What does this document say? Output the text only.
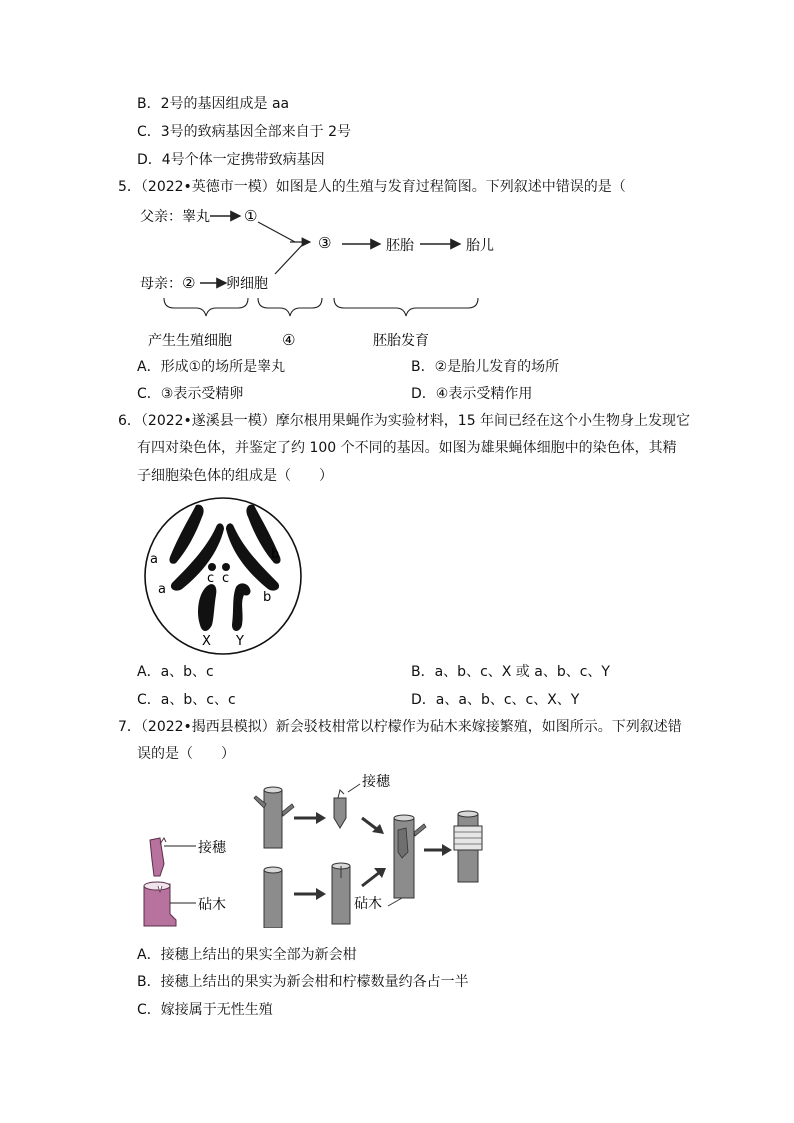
B．2号的基因组成是 aa
C．3号的致病基因全部来自于 2号
D．4号个体一定携带致病基因
5．（2022•英德市一模）如图是人的生殖与发育过程简图。下列叙述中错误的是（
父亲：睾丸 ①
母亲： ② 卵细胞
③	胚胎	胎儿
产生生殖细胞	④	胚胎发育
A．形成①的场所是睾丸	B．②是胎儿发育的场所
C．③表示受精卵	D．④表示受精作用
6．（2022•遂溪县一模）摩尔根用果蝇作为实验材料，15 年间已经在这个小生物身上发现它
有四对染色体，并鉴定了约 100 个不同的基因。如图为雄果蝇体细胞中的染色体，其精
子细胞染色体的组成是（　　）
a
a
b
b
c c
X Y
A．a、b、c	B．a、b、c、X 或 a、b、c、Y
C．a、b、c、c	D．a、a、b、c、c、X、Y
7．（2022•揭西县模拟）新会驳枝柑常以柠檬作为砧木来嫁接繁殖，如图所示。下列叙述错
误的是（　　）
接穗
砧木
接穗
砧木
A．接穗上结出的果实全部为新会柑
B．接穗上结出的果实为新会柑和柠檬数量约各占一半
C．嫁接属于无性生殖
